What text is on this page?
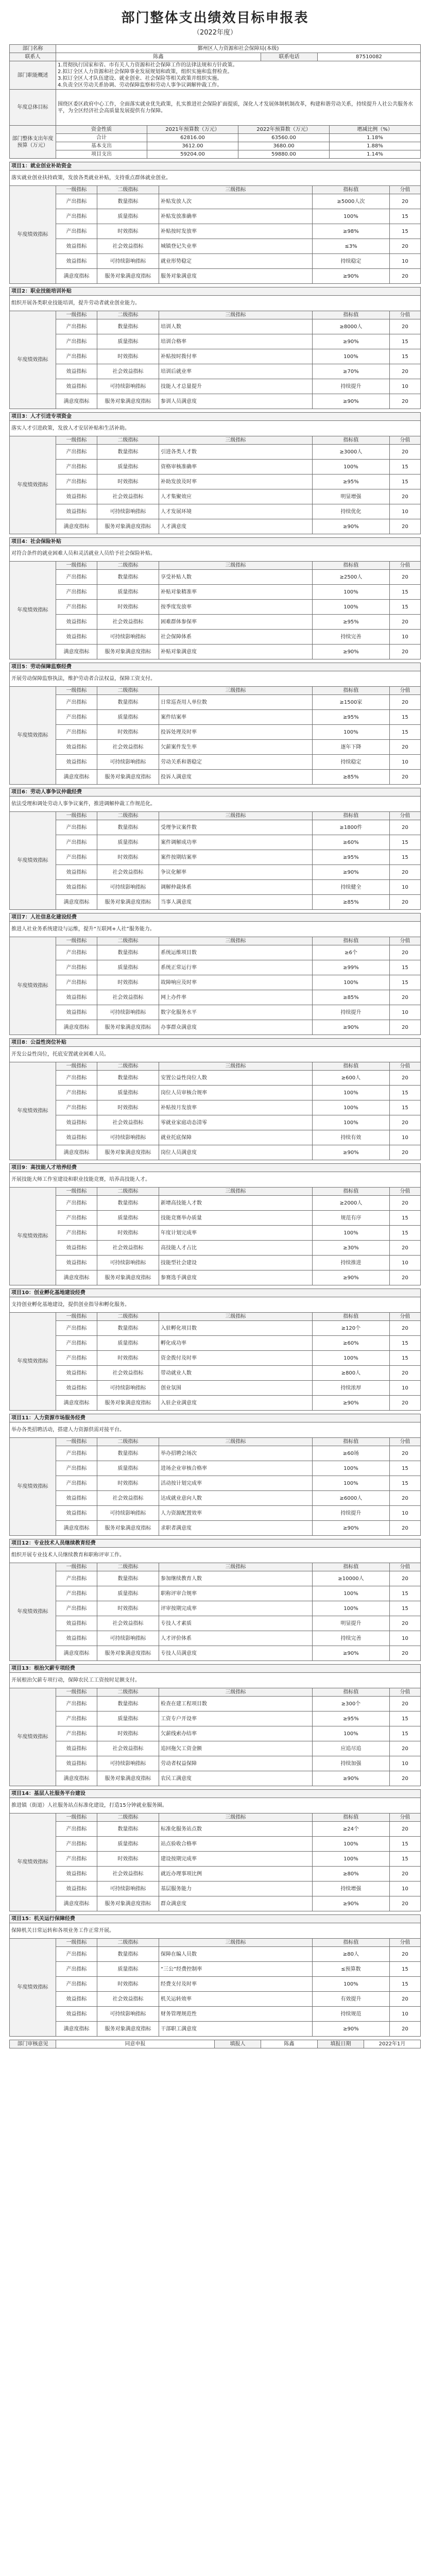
部门整体支出绩效目标申报表
（2022年度）
部门名称	鄞州区人力资源和社会保障局(本级)		
联系人	陈鑫	联系电话	87510082
部门职能概述	1.贯彻执行国家和省、市有关人力资源和社会保障工作的法律法规和方针政策。
2.拟订全区人力资源和社会保障事业发展规划和政策，组织实施和监督检查。
3.拟订全区人才队伍建设、就业创业、社会保险等相关政策并组织实施。
4.负责全区劳动关系协调、劳动保障监察和劳动人事争议调解仲裁工作。		

年度总体目标	围绕区委区政府中心工作，全面落实就业优先政策，扎实推进社会保险扩面提质，深化人才发展体制机制改革，构建和谐劳动关系，持续提升人社公共服务水平，为全区经济社会高质量发展提供有力保障。		
部门整体支出年度预算（万元）	资金性质	2021年预算数（万元）	2022年预算数（万元）	增减比例（%）
	合计	62816.00	63560.00	1.18%
	基本支出	3612.00	3680.00	1.88%
	项目支出	59204.00	59880.00	1.14%
项目1：就业创业补助资金					
落实就业创业扶持政策，发放各类就业补贴，支持重点群体就业创业。					
年度绩效指标	一级指标	二级指标	三级指标	指标值	分值
	产出指标	数量指标	补贴发放人次	≥5000人次	20
	产出指标	质量指标	补贴发放准确率	100%	15
	产出指标	时效指标	补贴按时发放率	≥98%	15
	效益指标	社会效益指标	城镇登记失业率	≤3%	20
	效益指标	可持续影响指标	就业形势稳定	持续稳定	10
	满意度指标	服务对象满意度指标	服务对象满意度	≥90%	20
项目2：职业技能培训补贴					
组织开展各类职业技能培训，提升劳动者就业创业能力。					
年度绩效指标	一级指标	二级指标	三级指标	指标值	分值
	产出指标	数量指标	培训人数	≥8000人	20
	产出指标	质量指标	培训合格率	≥90%	15
	产出指标	时效指标	补贴按时拨付率	100%	15
	效益指标	社会效益指标	培训后就业率	≥70%	20
	效益指标	可持续影响指标	技能人才总量提升	持续提升	10
	满意度指标	服务对象满意度指标	参训人员满意度	≥90%	20
项目3：人才引进专项资金					
落实人才引进政策，发放人才安居补贴和生活补助。					
年度绩效指标	一级指标	二级指标	三级指标	指标值	分值
	产出指标	数量指标	引进各类人才数	≥3000人	20
	产出指标	质量指标	资格审核准确率	100%	15
	产出指标	时效指标	补助发放及时率	≥95%	15
	效益指标	社会效益指标	人才集聚效应	明显增强	20
	效益指标	可持续影响指标	人才发展环境	持续优化	10
	满意度指标	服务对象满意度指标	人才满意度	≥90%	20
项目4：社会保险补贴					
对符合条件的就业困难人员和灵活就业人员给予社会保险补贴。					
年度绩效指标	一级指标	二级指标	三级指标	指标值	分值
	产出指标	数量指标	享受补贴人数	≥2500人	20
	产出指标	质量指标	补贴对象精准率	100%	15
	产出指标	时效指标	按季度发放率	100%	15
	效益指标	社会效益指标	困难群体参保率	≥95%	20
	效益指标	可持续影响指标	社会保障体系	持续完善	10
	满意度指标	服务对象满意度指标	补贴对象满意度	≥90%	20
项目5：劳动保障监察经费					
开展劳动保障监察执法，维护劳动者合法权益，保障工资支付。					
年度绩效指标	一级指标	二级指标	三级指标	指标值	分值
	产出指标	数量指标	日常巡查用人单位数	≥1500家	20
	产出指标	质量指标	案件结案率	≥95%	15
	产出指标	时效指标	投诉处理及时率	100%	15
	效益指标	社会效益指标	欠薪案件发生率	逐年下降	20
	效益指标	可持续影响指标	劳动关系和谐稳定	持续稳定	10
	满意度指标	服务对象满意度指标	投诉人满意度	≥85%	20
项目6：劳动人事争议仲裁经费					
依法受理和调处劳动人事争议案件，推进调解仲裁工作规范化。					
年度绩效指标	一级指标	二级指标	三级指标	指标值	分值
	产出指标	数量指标	受理争议案件数	≥1800件	20
	产出指标	质量指标	案件调解成功率	≥60%	15
	产出指标	时效指标	案件按期结案率	≥95%	15
	效益指标	社会效益指标	争议化解率	≥90%	20
	效益指标	可持续影响指标	调解仲裁体系	持续健全	10
	满意度指标	服务对象满意度指标	当事人满意度	≥85%	20
项目7：人社信息化建设经费					
推进人社业务系统建设与运维，提升“互联网+人社”服务能力。					
年度绩效指标	一级指标	二级指标	三级指标	指标值	分值
	产出指标	数量指标	系统运维项目数	≥6个	20
	产出指标	质量指标	系统正常运行率	≥99%	15
	产出指标	时效指标	故障响应及时率	100%	15
	效益指标	社会效益指标	网上办件率	≥85%	20
	效益指标	可持续影响指标	数字化服务水平	持续提升	10
	满意度指标	服务对象满意度指标	办事群众满意度	≥90%	20
项目8：公益性岗位补贴					
开发公益性岗位，托底安置就业困难人员。					
年度绩效指标	一级指标	二级指标	三级指标	指标值	分值
	产出指标	数量指标	安置公益性岗位人数	≥600人	20
	产出指标	质量指标	岗位人员审核合规率	100%	15
	产出指标	时效指标	补贴按月发放率	100%	15
	效益指标	社会效益指标	零就业家庭动态清零	100%	20
	效益指标	可持续影响指标	就业托底保障	持续有效	10
	满意度指标	服务对象满意度指标	岗位人员满意度	≥90%	20
项目9：高技能人才培养经费					
开展技能大师工作室建设和职业技能竞赛，培养高技能人才。					
年度绩效指标	一级指标	二级指标	三级指标	指标值	分值
	产出指标	数量指标	新增高技能人才数	≥2000人	20
	产出指标	质量指标	技能竞赛举办质量	规范有序	15
	产出指标	时效指标	年度计划完成率	100%	15
	效益指标	社会效益指标	高技能人才占比	≥30%	20
	效益指标	可持续影响指标	技能型社会建设	持续推进	10
	满意度指标	服务对象满意度指标	参赛选手满意度	≥90%	20
项目10：创业孵化基地建设经费					
支持创业孵化基地建设，提供创业指导和孵化服务。					
年度绩效指标	一级指标	二级指标	三级指标	指标值	分值
	产出指标	数量指标	入驻孵化项目数	≥120个	20
	产出指标	质量指标	孵化成功率	≥60%	15
	产出指标	时效指标	资金拨付及时率	100%	15
	效益指标	社会效益指标	带动就业人数	≥800人	20
	效益指标	可持续影响指标	创业氛围	持续浓厚	10
	满意度指标	服务对象满意度指标	入驻企业满意度	≥90%	20
项目11：人力资源市场服务经费					
举办各类招聘活动，搭建人力资源供需对接平台。					
年度绩效指标	一级指标	二级指标	三级指标	指标值	分值
	产出指标	数量指标	举办招聘会场次	≥60场	20
	产出指标	质量指标	进场企业审核合格率	100%	15
	产出指标	时效指标	活动按计划完成率	100%	15
	效益指标	社会效益指标	达成就业意向人数	≥6000人	20
	效益指标	可持续影响指标	人力资源配置效率	持续提升	10
	满意度指标	服务对象满意度指标	求职者满意度	≥90%	20
项目12：专业技术人员继续教育经费					
组织开展专业技术人员继续教育和职称评审工作。					
年度绩效指标	一级指标	二级指标	三级指标	指标值	分值
	产出指标	数量指标	参加继续教育人数	≥10000人	20
	产出指标	质量指标	职称评审合规率	100%	15
	产出指标	时效指标	评审按期完成率	100%	15
	效益指标	社会效益指标	专技人才素质	明显提升	20
	效益指标	可持续影响指标	人才评价体系	持续完善	10
	满意度指标	服务对象满意度指标	专技人员满意度	≥90%	20
项目13：根治欠薪专项经费					
开展根治欠薪专项行动，保障农民工工资按时足额支付。					
年度绩效指标	一级指标	二级指标	三级指标	指标值	分值
	产出指标	数量指标	检查在建工程项目数	≥300个	20
	产出指标	质量指标	工资专户开设率	≥95%	15
	产出指标	时效指标	欠薪线索办结率	100%	15
	效益指标	社会效益指标	追回拖欠工资金额	应追尽追	20
	效益指标	可持续影响指标	劳动者权益保障	持续加强	10
	满意度指标	服务对象满意度指标	农民工满意度	≥90%	20
项目14：基层人社服务平台建设					
推进镇（街道）人社服务站点标准化建设，打造15分钟就业服务圈。					
年度绩效指标	一级指标	二级指标	三级指标	指标值	分值
	产出指标	数量指标	标准化服务站点数	≥24个	20
	产出指标	质量指标	站点验收合格率	100%	15
	产出指标	时效指标	建设按期完成率	100%	15
	效益指标	社会效益指标	就近办理事项比例	≥80%	20
	效益指标	可持续影响指标	基层服务能力	持续增强	10
	满意度指标	服务对象满意度指标	群众满意度	≥90%	20
项目15：机关运行保障经费					
保障机关日常运转和各项业务工作正常开展。					
年度绩效指标	一级指标	二级指标	三级指标	指标值	分值
	产出指标	数量指标	保障在编人员数	≥80人	20
	产出指标	质量指标	“三公”经费控制率	≤预算数	15
	产出指标	时效指标	经费支付及时率	100%	15
	效益指标	社会效益指标	机关运转效率	有效提升	20
	效益指标	可持续影响指标	财务管理规范性	持续规范	10
	满意度指标	服务对象满意度指标	干部职工满意度	≥90%	20
部门审核意见	同意申报	填报人	陈鑫	填报日期	2022年1月
